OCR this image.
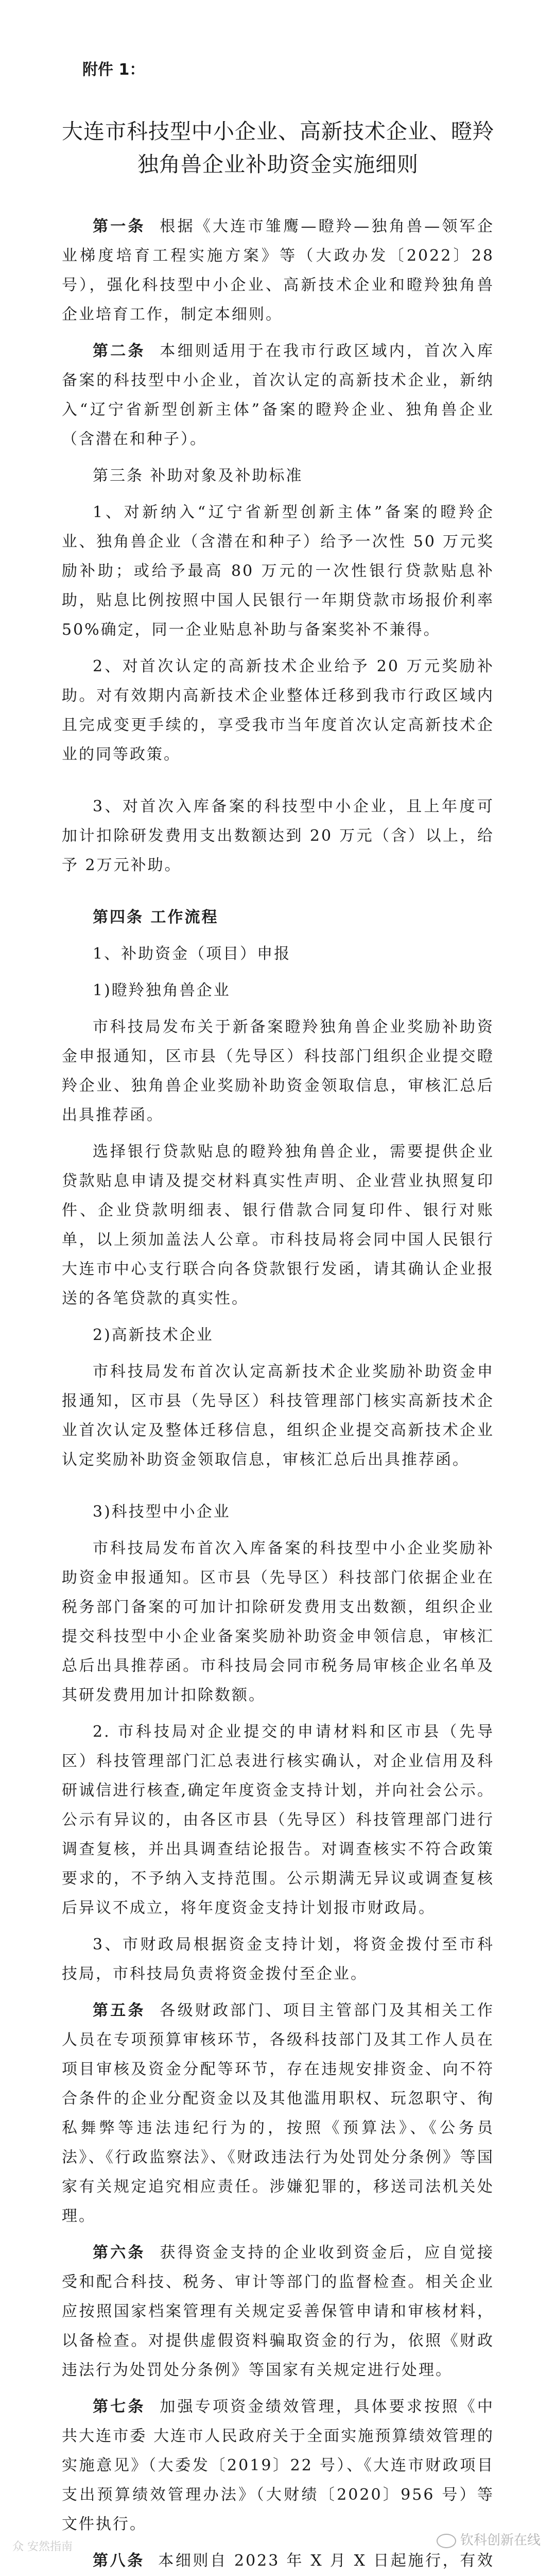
附件 1：
大连市科技型中小企业、高新技术企业、瞪羚独角兽企业补助资金实施细则

第一条 根据《大连市雏鹰—瞪羚—独角兽—领军企业梯度培育工程实施方案》等（大政办发〔2022〕28 号），强化科技型中小企业、高新技术企业和瞪羚独角兽企业培育工作，制定本细则。

第二条 本细则适用于在我市行政区域内，首次入库备案的科技型中小企业，首次认定的高新技术企业，新纳入“辽宁省新型创新主体”备案的瞪羚企业、独角兽企业（含潜在和种子）。

第三条 补助对象及补助标准

1、对新纳入“辽宁省新型创新主体”备案的瞪羚企业、独角兽企业（含潜在和种子）给予一次性 50 万元奖励补助；或给予最高 80 万元的一次性银行贷款贴息补助，贴息比例按照中国人民银行一年期贷款市场报价利率 50%确定，同一企业贴息补助与备案奖补不兼得。

2、对首次认定的高新技术企业给予 20 万元奖励补助。对有效期内高新技术企业整体迁移到我市行政区域内且完成变更手续的，享受我市当年度首次认定高新技术企业的同等政策。

3、对首次入库备案的科技型中小企业，且上年度可加计扣除研发费用支出数额达到 20 万元（含）以上，给予 2万元补助。

第四条 工作流程

1、补助资金（项目）申报

1)瞪羚独角兽企业

市科技局发布关于新备案瞪羚独角兽企业奖励补助资金申报通知，区市县（先导区）科技部门组织企业提交瞪羚企业、独角兽企业奖励补助资金领取信息，审核汇总后出具推荐函。

选择银行贷款贴息的瞪羚独角兽企业，需要提供企业贷款贴息申请及提交材料真实性声明、企业营业执照复印件、企业贷款明细表、银行借款合同复印件、银行对账单，以上须加盖法人公章。市科技局将会同中国人民银行大连市中心支行联合向各贷款银行发函，请其确认企业报送的各笔贷款的真实性。

2)高新技术企业

市科技局发布首次认定高新技术企业奖励补助资金申报通知，区市县（先导区）科技管理部门核实高新技术企业首次认定及整体迁移信息，组织企业提交高新技术企业认定奖励补助资金领取信息，审核汇总后出具推荐函。

3)科技型中小企业

市科技局发布首次入库备案的科技型中小企业奖励补助资金申报通知。区市县（先导区）科技部门依据企业在税务部门备案的可加计扣除研发费用支出数额，组织企业提交科技型中小企业备案奖励补助资金申领信息，审核汇总后出具推荐函。市科技局会同市税务局审核企业名单及其研发费用加计扣除数额。

2. 市科技局对企业提交的申请材料和区市县（先导区）科技管理部门汇总表进行核实确认，对企业信用及科研诚信进行核查,确定年度资金支持计划，并向社会公示。公示有异议的，由各区市县（先导区）科技管理部门进行调查复核，并出具调查结论报告。对调查核实不符合政策要求的，不予纳入支持范围。公示期满无异议或调查复核后异议不成立，将年度资金支持计划报市财政局。

3、市财政局根据资金支持计划，将资金拨付至市科技局，市科技局负责将资金拨付至企业。

第五条 各级财政部门、项目主管部门及其相关工作人员在专项预算审核环节，各级科技部门及其工作人员在项目审核及资金分配等环节，存在违规安排资金、向不符合条件的企业分配资金以及其他滥用职权、玩忽职守、徇私舞弊等违法违纪行为的，按照《预算法》、《公务员法》、《行政监察法》、《财政违法行为处罚处分条例》等国家有关规定追究相应责任。涉嫌犯罪的，移送司法机关处理。

第六条 获得资金支持的企业收到资金后，应自觉接受和配合科技、税务、审计等部门的监督检查。相关企业应按照国家档案管理有关规定妥善保管申请和审核材料，以备检查。对提供虚假资料骗取资金的行为，依照《财政违法行为处罚处分条例》等国家有关规定进行处理。

第七条 加强专项资金绩效管理，具体要求按照《中共大连市委 大连市人民政府关于全面实施预算绩效管理的实施意见》（大委发〔2019〕22 号）、《大连市财政项目支出预算绩效管理办法》（大财绩〔2020〕956 号）等文件执行。

第八条 本细则自 2023 年 X 月 X 日起施行，有效

钦科创新在线
众 安然指南
